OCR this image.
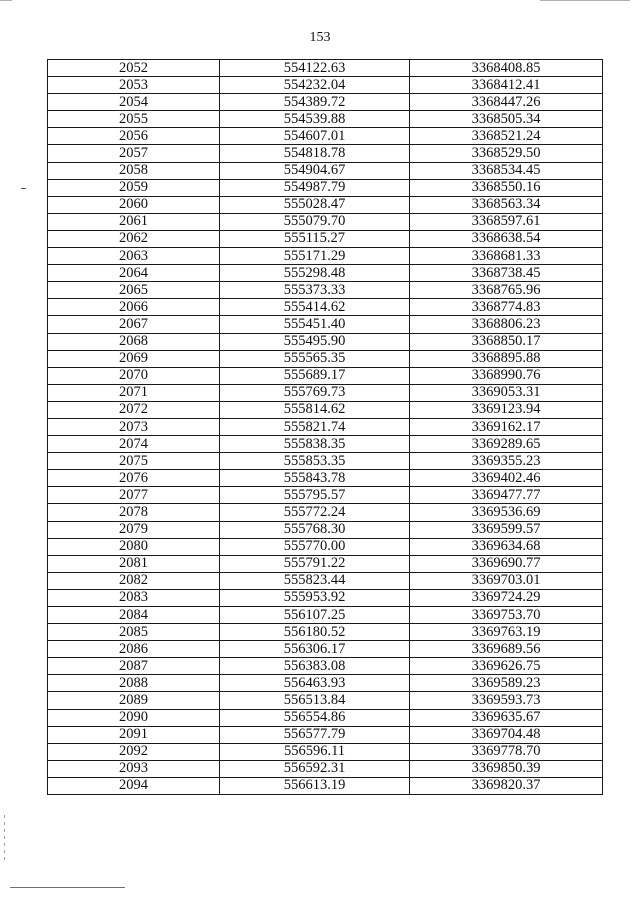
153
2052	554122.63	3368408.85
2053	554232.04	3368412.41
2054	554389.72	3368447.26
2055	554539.88	3368505.34
2056	554607.01	3368521.24
2057	554818.78	3368529.50
2058	554904.67	3368534.45
2059	554987.79	3368550.16
2060	555028.47	3368563.34
2061	555079.70	3368597.61
2062	555115.27	3368638.54
2063	555171.29	3368681.33
2064	555298.48	3368738.45
2065	555373.33	3368765.96
2066	555414.62	3368774.83
2067	555451.40	3368806.23
2068	555495.90	3368850.17
2069	555565.35	3368895.88
2070	555689.17	3368990.76
2071	555769.73	3369053.31
2072	555814.62	3369123.94
2073	555821.74	3369162.17
2074	555838.35	3369289.65
2075	555853.35	3369355.23
2076	555843.78	3369402.46
2077	555795.57	3369477.77
2078	555772.24	3369536.69
2079	555768.30	3369599.57
2080	555770.00	3369634.68
2081	555791.22	3369690.77
2082	555823.44	3369703.01
2083	555953.92	3369724.29
2084	556107.25	3369753.70
2085	556180.52	3369763.19
2086	556306.17	3369689.56
2087	556383.08	3369626.75
2088	556463.93	3369589.23
2089	556513.84	3369593.73
2090	556554.86	3369635.67
2091	556577.79	3369704.48
2092	556596.11	3369778.70
2093	556592.31	3369850.39
2094	556613.19	3369820.37
